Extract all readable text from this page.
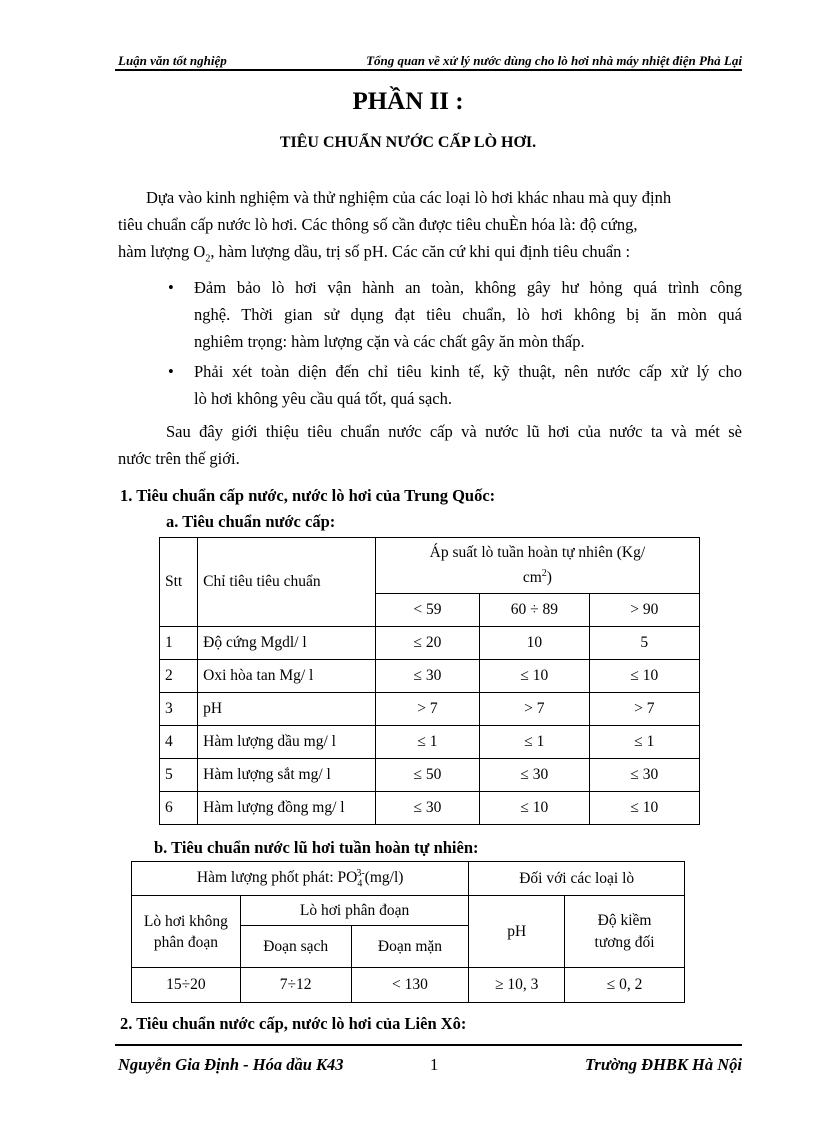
Luận văn tốt nghiệp	Tổng quan về xử lý nước dùng cho lò hơi nhà máy nhiệt điện Phả Lại
PHẦN II :
TIÊU CHUẨN NƯỚC CẤP LÒ HƠI.
Dựa vào kinh nghiệm và thử nghiệm của các loại lò hơi khác nhau mà quy định
tiêu chuẩn cấp nước lò hơi. Các thông số cần được tiêu chuÈn hóa là: độ cứng,
hàm lượng $O_2$, hàm lượng dầu, trị số pH. Các căn cứ khi qui định tiêu chuẩn :
•	Đảm bảo lò hơi vận hành an toàn, không gây hư hỏng quá trình công
nghệ. Thời gian sử dụng đạt tiêu chuẩn, lò hơi không bị ăn mòn quá
nghiêm trọng: hàm lượng cặn và các chất gây ăn mòn thấp.
•	Phải xét toàn diện đến chỉ tiêu kinh tế, kỹ thuật, nên nước cấp xử lý cho
lò hơi không yêu cầu quá tốt, quá sạch.
Sau đây giới thiệu tiêu chuẩn nước cấp và nước lũ hơi của nước ta và mét sè
nước trên thế giới.
1. Tiêu chuẩn cấp nước, nước lò hơi của Trung Quốc:
a. Tiêu chuẩn nước cấp:
Stt	Chỉ tiêu tiêu chuẩn	Áp suất lò tuần hoàn tự nhiên (Kg/
$cm^2$)		
		< 59	60 ÷ 89	> 90
1	Độ cứng Mgdl/ l	≤ 20	10	5
2	Oxi hòa tan Mg/ l	≤ 30	≤ 10	≤ 10
3	pH	> 7	> 7	> 7
4	Hàm lượng dầu mg/ l	≤ 1	≤ 1	≤ 1
5	Hàm lượng sắt mg/ l	≤ 50	≤ 30	≤ 30
6	Hàm lượng đồng mg/ l	≤ 30	≤ 10	≤ 10
b. Tiêu chuẩn nước lũ hơi tuần hoàn tự nhiên:
Hàm lượng phốt phát: $PO_4^{3-}(mg/l)$			Đối với các loại lò	
Lò hơi không phân đoạn	Lò hơi phân đoạn		pH	Độ kiềm tương đối
	Đoạn sạch	Đoạn mặn		
15÷20	7÷12	< 130	≥ 10, 3	≤ 0, 2
2. Tiêu chuẩn nước cấp, nước lò hơi của Liên Xô:
Nguyễn Gia Định - Hóa dầu K43	1	Trường ĐHBK Hà Nội
